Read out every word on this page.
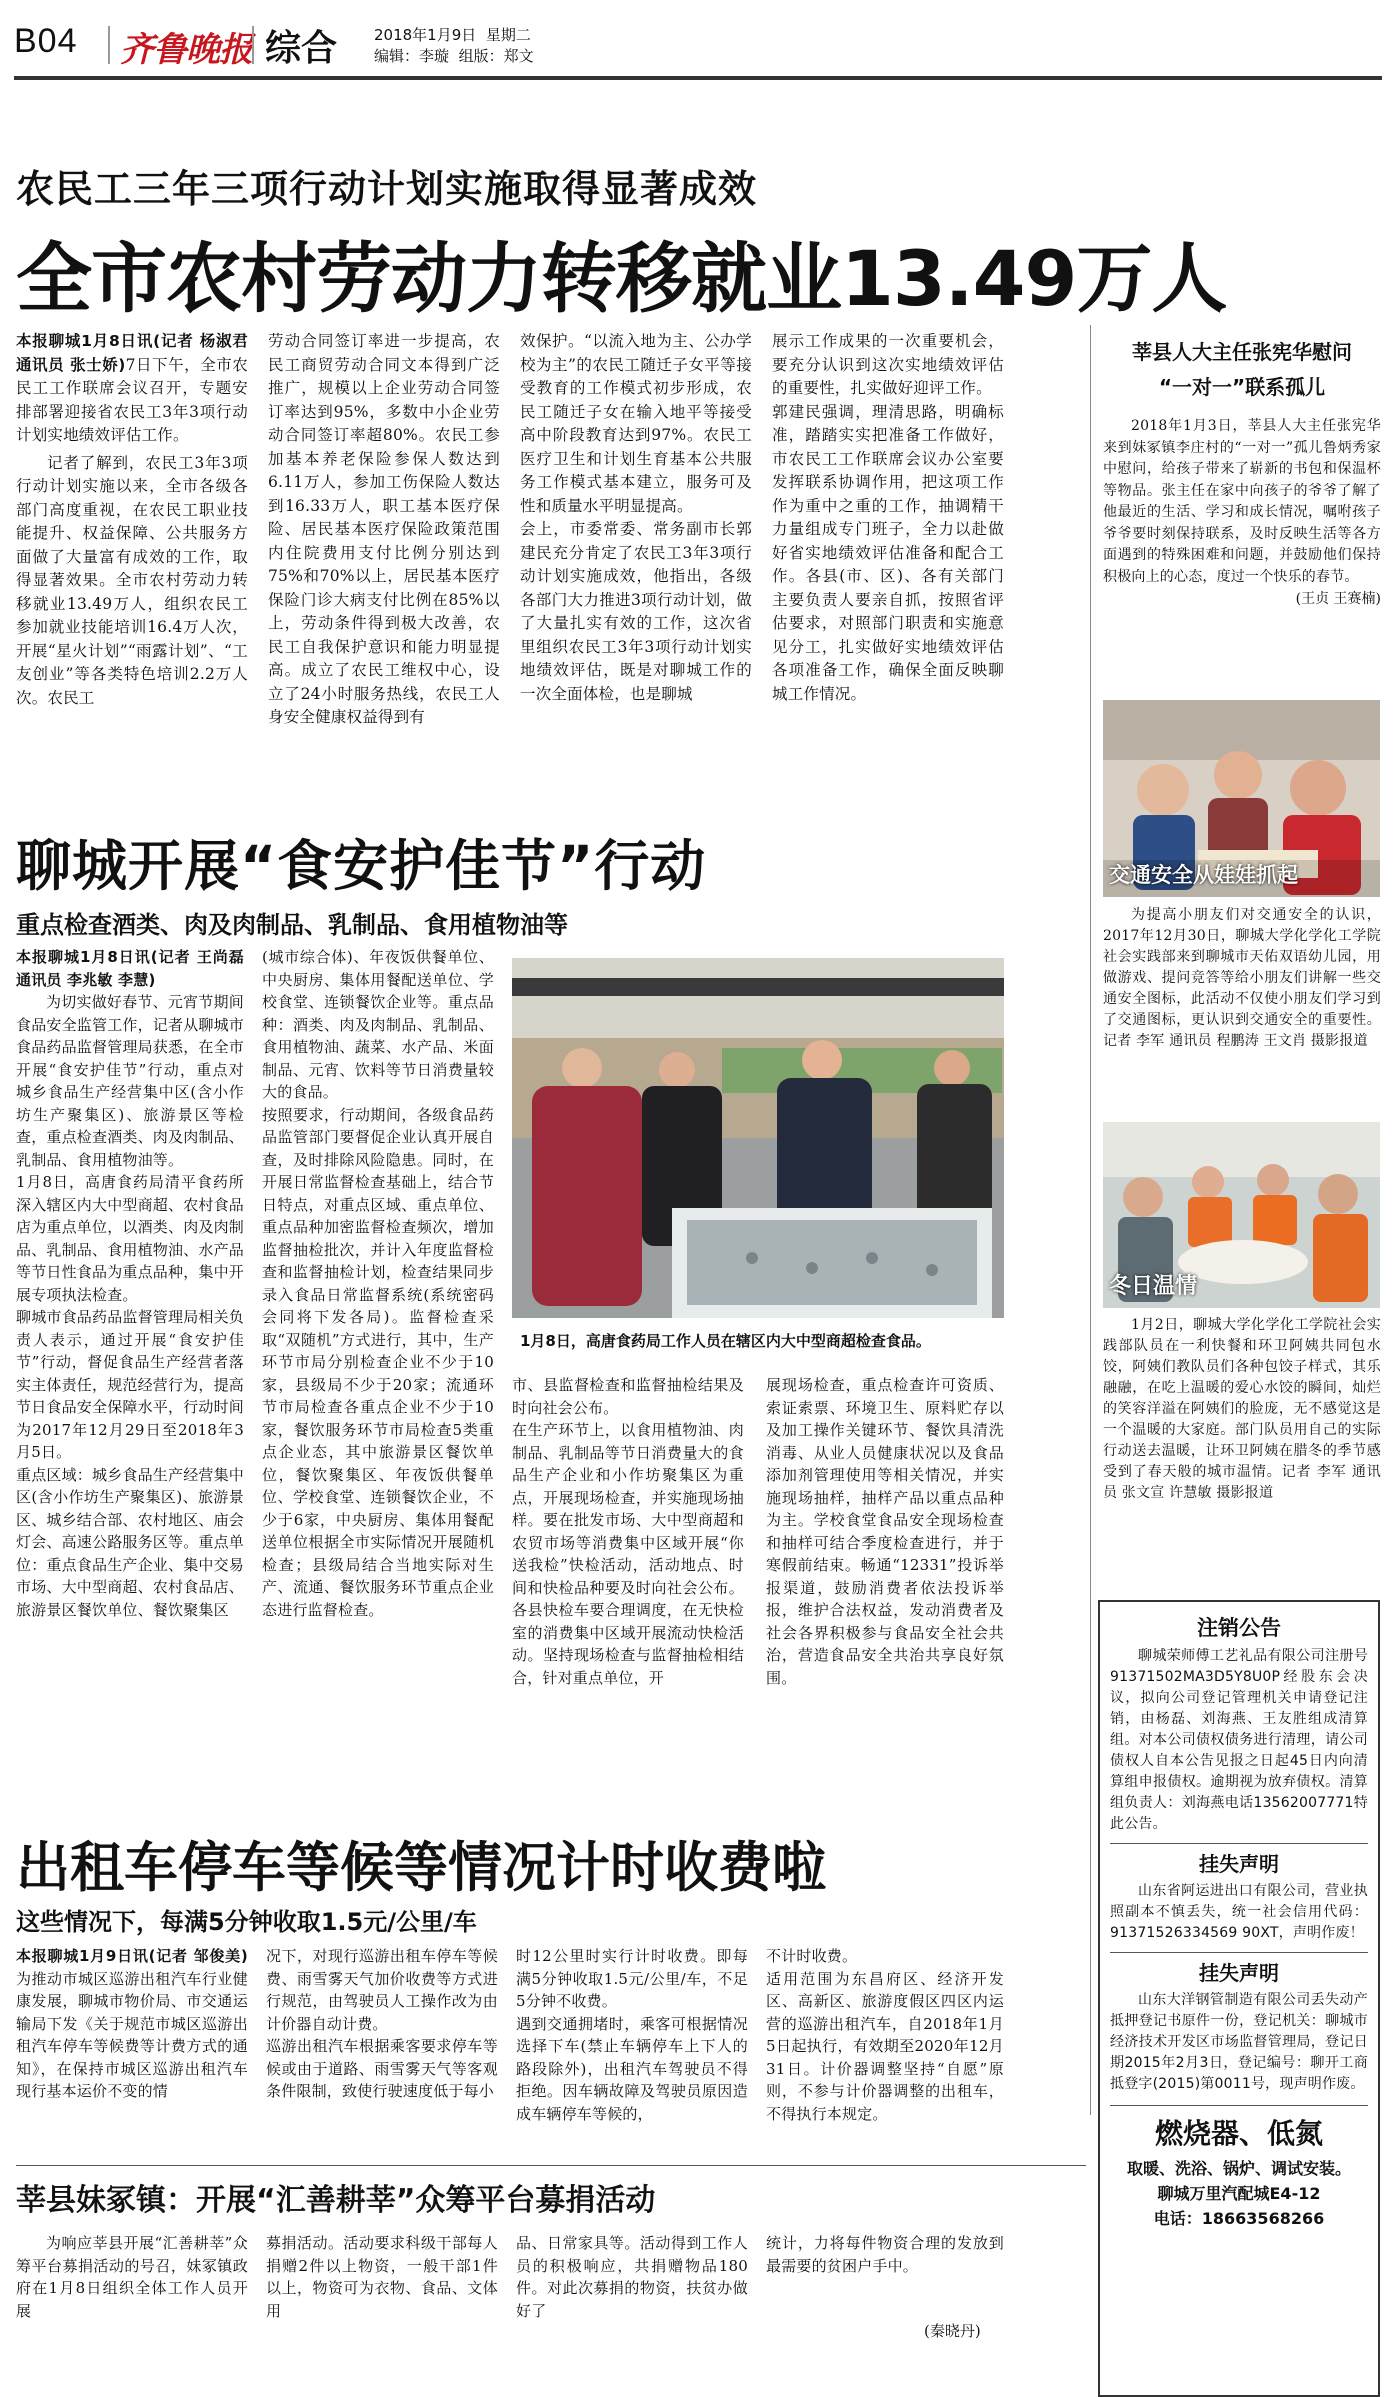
B04 齐鲁晚报 综合 2018年1月9日 星期二
编辑：李璇 组版：郑文
农民工三年三项行动计划实施取得显著成效
全市农村劳动力转移就业13.49万人

本报聊城1月8日讯(记者 杨淑君 通讯员 张士娇)7日下午，全市农民工工作联席会议召开，专题安排部署迎接省农民工3年3项行动计划实地绩效评估工作。

记者了解到，农民工3年3项行动计划实施以来，全市各级各部门高度重视，在农民工职业技能提升、权益保障、公共服务方面做了大量富有成效的工作，取得显著效果。全市农村劳动力转移就业13.49万人，组织农民工参加就业技能培训16.4万人次，开展“星火计划”“雨露计划”、“工友创业”等各类特色培训2.2万人次。农民工

劳动合同签订率进一步提高，农民工商贸劳动合同文本得到广泛推广，规模以上企业劳动合同签订率达到95%，多数中小企业劳动合同签订率超80%。农民工参加基本养老保险参保人数达到6.11万人，参加工伤保险人数达到16.33万人，职工基本医疗保险、居民基本医疗保险政策范围内住院费用支付比例分别达到75%和70%以上，居民基本医疗保险门诊大病支付比例在85%以上，劳动条件得到极大改善，农民工自我保护意识和能力明显提高。成立了农民工维权中心，设立了24小时服务热线，农民工人身安全健康权益得到有
效保护。“以流入地为主、公办学校为主”的农民工随迁子女平等接受教育的工作模式初步形成，农民工随迁子女在输入地平等接受高中阶段教育达到97%。农民工医疗卫生和计划生育基本公共服务工作模式基本建立，服务可及性和质量水平明显提高。
会上，市委常委、常务副市长郭建民充分肯定了农民工3年3项行动计划实施成效，他指出，各级各部门大力推进3项行动计划，做了大量扎实有效的工作，这次省里组织农民工3年3项行动计划实地绩效评估，既是对聊城工作的一次全面体检，也是聊城
展示工作成果的一次重要机会，要充分认识到这次实地绩效评估的重要性，扎实做好迎评工作。
郭建民强调，理清思路，明确标准，踏踏实实把准备工作做好，市农民工工作联席会议办公室要发挥联系协调作用，把这项工作作为重中之重的工作，抽调精干力量组成专门班子，全力以赴做好省实地绩效评估准备和配合工作。各县(市、区)、各有关部门主要负责人要亲自抓，按照省评估要求，对照部门职责和实施意见分工，扎实做好实地绩效评估各项准备工作，确保全面反映聊城工作情况。
莘县人大主任张宪华慰问
“一对一”联系孤儿
2018年1月3日，莘县人大主任张宪华来到妹冢镇李庄村的“一对一”孤儿鲁炳秀家中慰问，给孩子带来了崭新的书包和保温杯等物品。张主任在家中向孩子的爷爷了解了他最近的生活、学习和成长情况，嘱咐孩子爷爷要时刻保持联系，及时反映生活等各方面遇到的特殊困难和问题，并鼓励他们保持积极向上的心态，度过一个快乐的春节。
(王贞 王赛楠)
交通安全从娃娃抓起
为提高小朋友们对交通安全的认识，2017年12月30日，聊城大学化学化工学院社会实践部来到聊城市天佑双语幼儿园，用做游戏、提问竞答等给小朋友们讲解一些交通安全图标，此活动不仅使小朋友们学习到了交通图标，更认识到交通安全的重要性。记者 李军 通讯员 程鹏涛 王文肖 摄影报道
冬日温情
1月2日，聊城大学化学化工学院社会实践部队员在一利快餐和环卫阿姨共同包水饺，阿姨们教队员们各种包饺子样式，其乐融融，在吃上温暖的爱心水饺的瞬间，灿烂的笑容洋溢在阿姨们的脸庞，无不感觉这是一个温暖的大家庭。部门队员用自己的实际行动送去温暖，让环卫阿姨在腊冬的季节感受到了春天般的城市温情。记者 李军 通讯员 张文宣 许慧敏 摄影报道
聊城开展“食安护佳节”行动
重点检查酒类、肉及肉制品、乳制品、食用植物油等

本报聊城1月8日讯(记者 王尚磊 通讯员 李兆敏 李慧)

为切实做好春节、元宵节期间食品安全监管工作，记者从聊城市食品药品监督管理局获悉，在全市开展“食安护佳节”行动，重点对城乡食品生产经营集中区(含小作坊生产聚集区)、旅游景区等检查，重点检查酒类、肉及肉制品、乳制品、食用植物油等。
1月8日，高唐食药局清平食药所深入辖区内大中型商超、农村食品店为重点单位，以酒类、肉及肉制品、乳制品、食用植物油、水产品等节日性食品为重点品种，集中开展专项执法检查。
聊城市食品药品监督管理局相关负责人表示，通过开展“食安护佳节”行动，督促食品生产经营者落实主体责任，规范经营行为，提高节日食品安全保障水平，行动时间为2017年12月29日至2018年3月5日。
重点区域：城乡食品生产经营集中区(含小作坊生产聚集区)、旅游景区、城乡结合部、农村地区、庙会灯会、高速公路服务区等。重点单位：重点食品生产企业、集中交易市场、大中型商超、农村食品店、旅游景区餐饮单位、餐饮聚集区

(城市综合体)、年夜饭供餐单位、中央厨房、集体用餐配送单位、学校食堂、连锁餐饮企业等。重点品种：酒类、肉及肉制品、乳制品、食用植物油、蔬菜、水产品、米面制品、元宵、饮料等节日消费量较大的食品。
按照要求，行动期间，各级食品药品监管部门要督促企业认真开展自查，及时排除风险隐患。同时，在开展日常监督检查基础上，结合节日特点，对重点区域、重点单位、重点品种加密监督检查频次，增加监督抽检批次，并计入年度监督检查和监督抽检计划，检查结果同步录入食品日常监督系统(系统密码会同将下发各局)。监督检查采取“双随机”方式进行，其中，生产环节市局分别检查企业不少于10家，县级局不少于20家；流通环节市局检查各重点企业不少于10家，餐饮服务环节市局检查5类重点企业态，其中旅游景区餐饮单位，餐饮聚集区、年夜饭供餐单位、学校食堂、连锁餐饮企业，不少于6家，中央厨房、集体用餐配送单位根据全市实际情况开展随机检查；县级局结合当地实际对生产、流通、餐饮服务环节重点企业态进行监督检查。
1月8日，高唐食药局工作人员在辖区内大中型商超检查食品。
市、县监督检查和监督抽检结果及时向社会公布。
在生产环节上，以食用植物油、肉制品、乳制品等节日消费量大的食品生产企业和小作坊聚集区为重点，开展现场检查，并实施现场抽样。要在批发市场、大中型商超和农贸市场等消费集中区域开展“你送我检”快检活动，活动地点、时间和快检品种要及时向社会公布。各县快检车要合理调度，在无快检室的消费集中区域开展流动快检活动。坚持现场检查与监督抽检相结合，针对重点单位，开
展现场检查，重点检查许可资质、索证索票、环境卫生、原料贮存以及加工操作关键环节、餐饮具清洗消毒、从业人员健康状况以及食品添加剂管理使用等相关情况，并实施现场抽样，抽样产品以重点品种为主。学校食堂食品安全现场检查和抽样可结合季度检查进行，并于寒假前结束。畅通“12331”投诉举报渠道，鼓励消费者依法投诉举报，维护合法权益，发动消费者及社会各界积极参与食品安全社会共治，营造食品安全共治共享良好氛围。
注销公告
聊城荣师傅工艺礼品有限公司注册号91371502MA3D5Y8U0P经股东会决议，拟向公司登记管理机关申请登记注销，由杨磊、刘海燕、王友胜组成清算组。对本公司债权债务进行清理，请公司债权人自本公告见报之日起45日内向清算组申报债权。逾期视为放弃债权。清算组负责人：刘海燕电话13562007771特此公告。
挂失声明
山东省阿运进出口有限公司，营业执照副本不慎丢失，统一社会信用代码：91371526334569 90XT，声明作废！
挂失声明
山东大洋钢管制造有限公司丢失动产抵押登记书原件一份，登记机关：聊城市经济技术开发区市场监督管理局，登记日期2015年2月3日，登记编号：聊开工商抵登字(2015)第0011号，现声明作废。
燃烧器、低氮
取暖、洗浴、锅炉、调试安装。
聊城万里汽配城E4-12
电话：18663568266
出租车停车等候等情况计时收费啦
这些情况下，每满5分钟收取1.5元/公里/车

本报聊城1月9日讯(记者 邹俊美)为推动市城区巡游出租汽车行业健康发展，聊城市物价局、市交通运输局下发《关于规范市城区巡游出租汽车停车等候费等计费方式的通知》，在保持市城区巡游出租汽车现行基本运价不变的情

况下，对现行巡游出租车停车等候费、雨雪雾天气加价收费等方式进行规范，由驾驶员人工操作改为由计价器自动计费。
巡游出租汽车根据乘客要求停车等候或由于道路、雨雪雾天气等客观条件限制，致使行驶速度低于每小
时12公里时实行计时收费。即每满5分钟收取1.5元/公里/车，不足5分钟不收费。
遇到交通拥堵时，乘客可根据情况选择下车(禁止车辆停车上下人的路段除外)，出租汽车驾驶员不得拒绝。因车辆故障及驾驶员原因造成车辆停车等候的，
不计时收费。
适用范围为东昌府区、经济开发区、高新区、旅游度假区四区内运营的巡游出租汽车，自2018年1月5日起执行，有效期至2020年12月31日。计价器调整坚持“自愿”原则，不参与计价器调整的出租车，不得执行本规定。
莘县妹冢镇：开展“汇善耕莘”众筹平台募捐活动
为响应莘县开展“汇善耕莘”众筹平台募捐活动的号召，妹冢镇政府在1月8日组织全体工作人员开展
募捐活动。活动要求科级干部每人捐赠2件以上物资，一般干部1件以上，物资可为衣物、食品、文体用
品、日常家具等。活动得到工作人员的积极响应，共捐赠物品180件。对此次募捐的物资，扶贫办做好了
统计，力将每件物资合理的发放到最需要的贫困户手中。
(秦晓丹)
